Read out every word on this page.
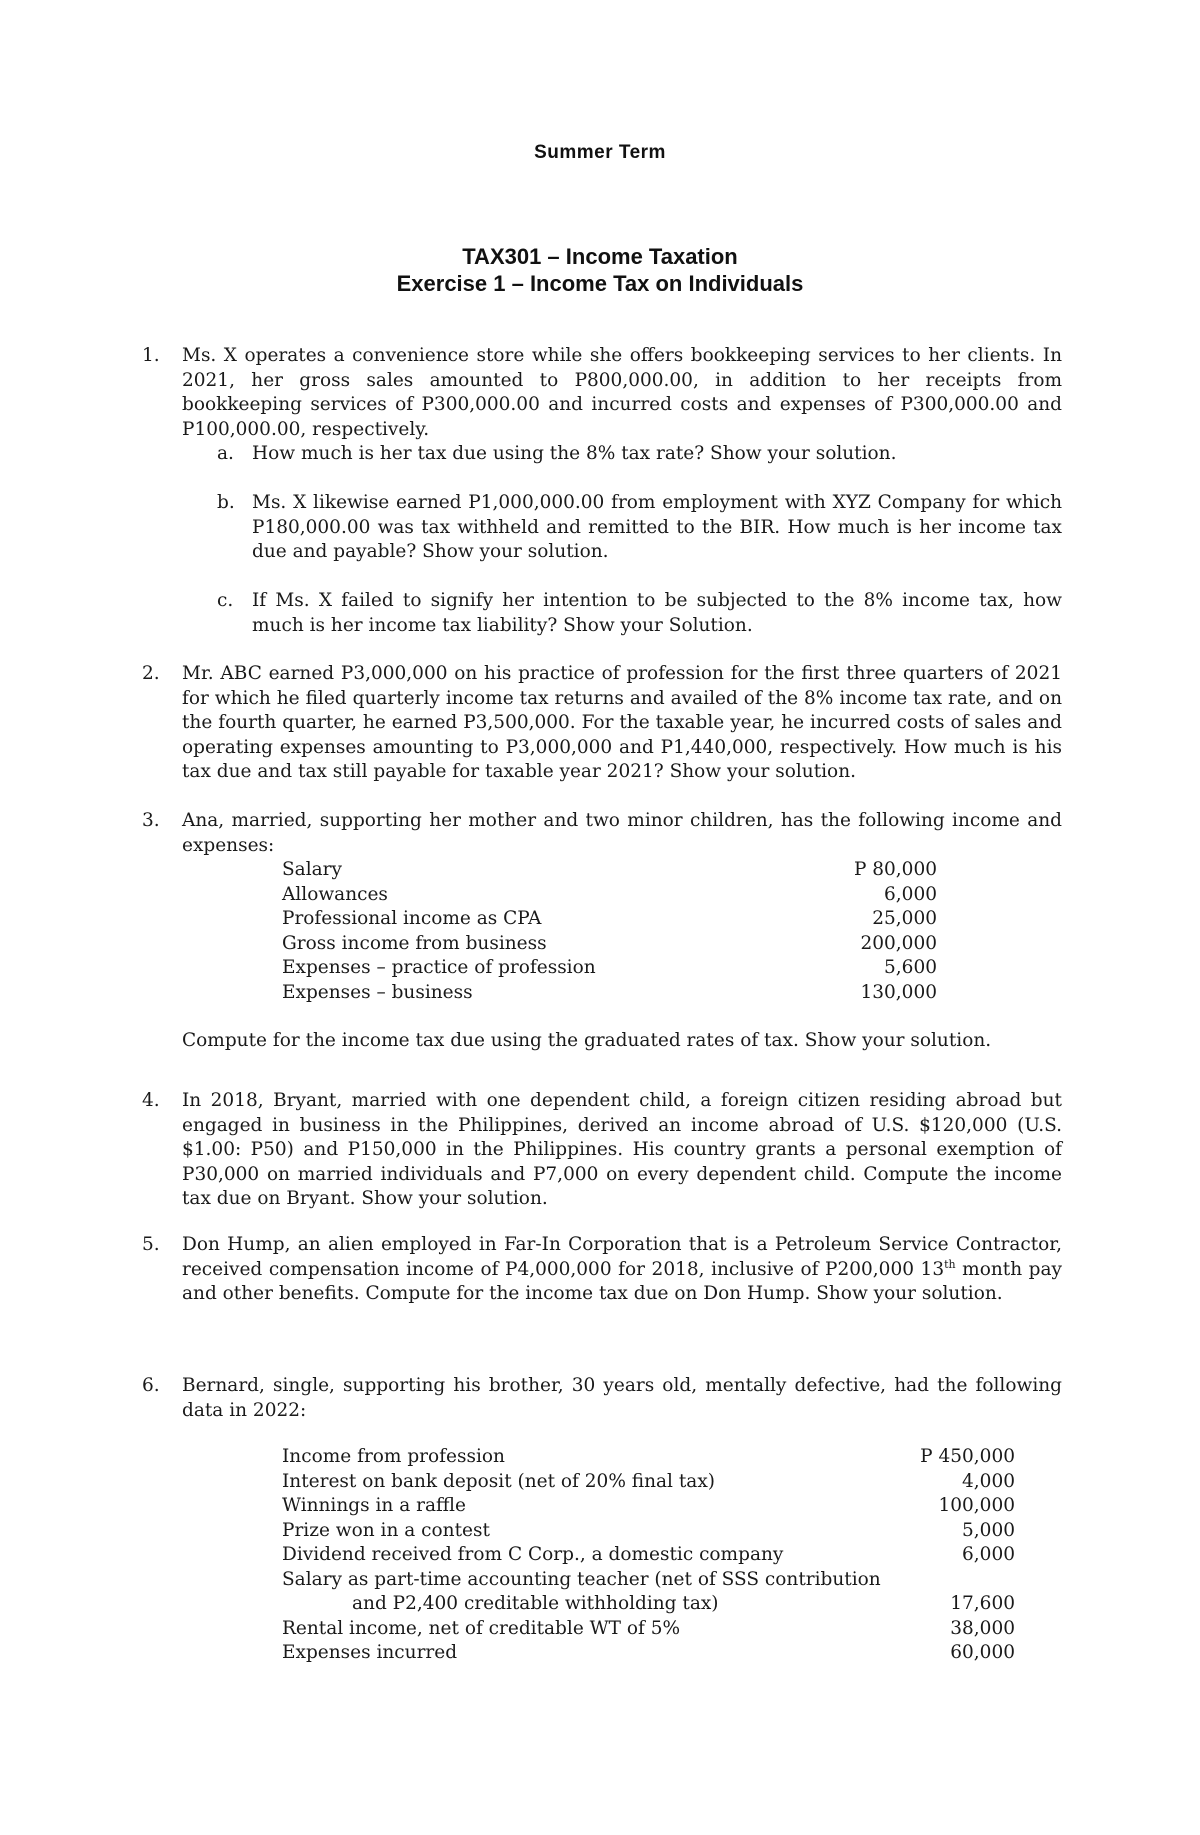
Summer Term
TAX301 – Income Taxation
Exercise 1 – Income Tax on Individuals
1.	Ms. X operates a convenience store while she offers bookkeeping services to her clients. In 2021, her gross sales amounted to P800,000.00, in addition to her receipts from bookkeeping services of P300,000.00 and incurred costs and expenses of P300,000.00 and P100,000.00, respectively.

a. How much is her tax due using the 8% tax rate? Show your solution.

b. Ms. X likewise earned P1,000,000.00 from employment with XYZ Company for which P180,000.00 was tax withheld and remitted to the BIR. How much is her income tax due and payable? Show your solution.

c. If Ms. X failed to signify her intention to be subjected to the 8% income tax, how much is her income tax liability? Show your Solution.

2.	Mr. ABC earned P3,000,000 on his practice of profession for the first three quarters of 2021 for which he filed quarterly income tax returns and availed of the 8% income tax rate, and on the fourth quarter, he earned P3,500,000. For the taxable year, he incurred costs of sales and operating expenses amounting to P3,000,000 and P1,440,000, respectively. How much is his tax due and tax still payable for taxable year 2021? Show your solution.

3.	Ana, married, supporting her mother and two minor children, has the following income and expenses:

Salary	P 80,000
Allowances	6,000
Professional income as CPA	25,000
Gross income from business	200,000
Expenses – practice of profession	5,600
Expenses – business	130,000

Compute for the income tax due using the graduated rates of tax. Show your solution.

4.	In 2018, Bryant, married with one dependent child, a foreign citizen residing abroad but engaged in business in the Philippines, derived an income abroad of U.S. $120,000 (U.S. $1.00: P50) and P150,000 in the Philippines. His country grants a personal exemption of P30,000 on married individuals and P7,000 on every dependent child. Compute the income tax due on Bryant. Show your solution.

5.	Don Hump, an alien employed in Far-In Corporation that is a Petroleum Service Contractor, received compensation income of P4,000,000 for 2018, inclusive of P200,000 13th month pay and other benefits. Compute for the income tax due on Don Hump. Show your solution.

6.	Bernard, single, supporting his brother, 30 years old, mentally defective, had the following data in 2022:

Income from profession	P 450,000
Interest on bank deposit (net of 20% final tax)	4,000
Winnings in a raffle	100,000
Prize won in a contest	5,000
Dividend received from C Corp., a domestic company	6,000
Salary as part-time accounting teacher (net of SSS contribution	
and P2,400 creditable withholding tax)	17,600
Rental income, net of creditable WT of 5%	38,000
Expenses incurred	60,000
